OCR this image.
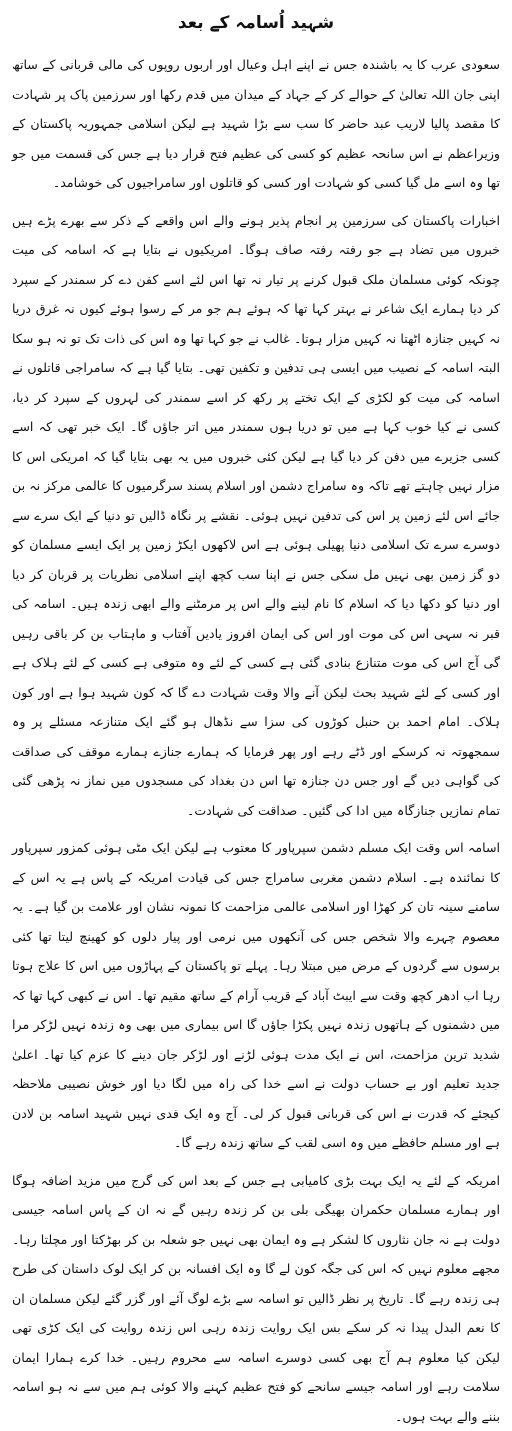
شہید اُسامہ کے بعد

سعودی عرب کا یہ باشندہ جس نے اپنے اہل وعیال اور اربوں روپوں کی مالی قربانی کے ساتھ اپنی جان اللہ تعالیٰ کے حوالے کر کے جہاد کے میدان میں قدم رکھا اور سرزمین پاک پر شہادت کا مقصد پالیا لاریب عبد حاضر کا سب سے بڑا شہید ہے لیکن اسلامی جمہوریہ پاکستان کے وزیراعظم نے اس سانحہ عظیم کو کسی کی عظیم فتح قرار دیا ہے جس کی قسمت میں جو تھا وہ اسے مل گیا کسی کو شہادت اور کسی کو قاتلوں اور سامراجیوں کی خوشامد۔

اخبارات پاکستان کی سرزمین پر انجام پذیر ہونے والے اس واقعے کے ذکر سے بھرے پڑے ہیں خبروں میں تضاد ہے جو رفتہ رفتہ صاف ہوگا۔ امریکیوں نے بتایا ہے کہ اسامہ کی میت چونکہ کوئی مسلمان ملک قبول کرنے پر تیار نہ تھا اس لئے اسے کفن دے کر سمندر کے سپرد کر دیا ہمارے ایک شاعر نے بہتر کہا تھا کہ ہوئے ہم جو مر کے رسوا ہوئے کیوں نہ غرق دریا نہ کہیں جنازہ اٹھتا نہ کہیں مزار ہوتا۔ غالب نے جو کہا تھا وہ اس کی ذات تک تو نہ ہو سکا البتہ اسامہ کے نصیب میں ایسی ہی تدفین و تکفین تھی۔ بتایا گیا ہے کہ سامراجی قاتلوں نے اسامہ کی میت کو لکڑی کے ایک تختے پر رکھ کر اسے سمندر کی لہروں کے سپرد کر دیا، کسی نے کیا خوب کہا ہے میں تو دریا ہوں سمندر میں اتر جاؤں گا۔ ایک خبر تھی کہ اسے کسی جزیرے میں دفن کر دیا گیا ہے لیکن کئی خبروں میں یہ بھی بتایا گیا کہ امریکی اس کا مزار نہیں چاہتے تھے تاکہ وہ سامراج دشمن اور اسلام پسند سرگرمیوں کا عالمی مرکز نہ بن جائے اس لئے زمین پر اس کی تدفین نہیں ہوئی۔ نقشے پر نگاہ ڈالیں تو دنیا کے ایک سرے سے دوسرے سرے تک اسلامی دنیا پھیلی ہوئی ہے اس لاکھوں ایکڑ زمین پر ایک ایسے مسلمان کو دو گز زمین بھی نہیں مل سکی جس نے اپنا سب کچھ اپنے اسلامی نظریات پر قربان کر دیا اور دنیا کو دکھا دیا کہ اسلام کا نام لینے والے اس پر مرمٹنے والے ابھی زندہ ہیں۔ اسامہ کی قبر نہ سہی اس کی موت اور اس کی ایمان افروز یادیں آفتاب و ماہتاب بن کر باقی رہیں گی آج اس کی موت متنازع بنادی گئی ہے کسی کے لئے وہ متوفی ہے کسی کے لئے ہلاک ہے اور کسی کے لئے شہید بحث لیکن آنے والا وقت شہادت دے گا کہ کون شہید ہوا ہے اور کون ہلاک۔ امام احمد بن حنبل کوڑوں کی سزا سے نڈھال ہو گئے ایک متنازعہ مسئلے پر وہ سمجھوتہ نہ کرسکے اور ڈٹے رہے اور پھر فرمایا کہ ہمارے جنازے ہمارے موقف کی صداقت کی گواہی دیں گے اور جس دن جنازہ تھا اس دن بغداد کی مسجدوں میں نماز نہ پڑھی گئی تمام نمازیں جنازگاہ میں ادا کی گئیں۔ صداقت کی شہادت۔

اسامہ اس وقت ایک مسلم دشمن سپرپاور کا معتوب ہے لیکن ایک مٹی ہوئی کمزور سپرپاور کا نمائندہ ہے۔ اسلام دشمن مغربی سامراج جس کی قیادت امریکہ کے پاس ہے یہ اس کے سامنے سینہ تان کر کھڑا اور اسلامی عالمی مزاحمت کا نمونہ نشان اور علامت بن گیا ہے۔ یہ معصوم چہرے والا شخص جس کی آنکھوں میں نرمی اور پیار دلوں کو کھینچ لیتا تھا کئی برسوں سے گردوں کے مرض میں مبتلا رہا۔ پہلے تو پاکستان کے پہاڑوں میں اس کا علاج ہوتا رہا اب ادھر کچھ وقت سے ایبٹ آباد کے قریب آرام کے ساتھ مقیم تھا۔ اس نے کبھی کہا تھا کہ میں دشمنوں کے ہاتھوں زندہ نہیں پکڑا جاؤں گا اس بیماری میں بھی وہ زندہ نہیں لڑکر مرا شدید ترین مزاحمت، اس نے ایک مدت ہوئی لڑنے اور لڑکر جان دینے کا عزم کیا تھا۔ اعلیٰ جدید تعلیم اور بے حساب دولت نے اسے خدا کی راہ میں لگا دیا اور خوش نصیبی ملاحظہ کیجئے کہ قدرت نے اس کی قربانی قبول کر لی۔ آج وہ ایک فدی نہیں شہید اسامہ بن لادن ہے اور مسلم حافظے میں وہ اسی لقب کے ساتھ زندہ رہے گا۔

امریکہ کے لئے یہ ایک بہت بڑی کامیابی ہے جس کے بعد اس کی گرج میں مزید اضافہ ہوگا اور ہمارے مسلمان حکمران بھیگی بلی بن کر زندہ رہیں گے نہ ان کے پاس اسامہ جیسی دولت ہے نہ جان نثاروں کا لشکر ہے وہ ایمان بھی نہیں جو شعلہ بن کر بھڑکتا اور مچلتا رہا۔ مجھے معلوم نہیں کہ اس کی جگہ کون لے گا وہ ایک افسانہ بن کر ایک لوک داستان کی طرح ہی زندہ رہے گا۔ تاریخ پر نظر ڈالیں تو اسامہ سے بڑے لوگ آئے اور گزر گئے لیکن مسلمان ان کا نعم البدل پیدا نہ کر سکے بس ایک روایت زندہ رہی اس زندہ روایت کی ایک کڑی تھی لیکن کیا معلوم ہم آج بھی کسی دوسرے اسامہ سے محروم رہیں۔ خدا کرے ہمارا ایمان سلامت رہے اور اسامہ جیسے سانحے کو فتح عظیم کہنے والا کوئی ہم میں سے نہ ہو اسامہ بننے والے بہت ہوں۔
